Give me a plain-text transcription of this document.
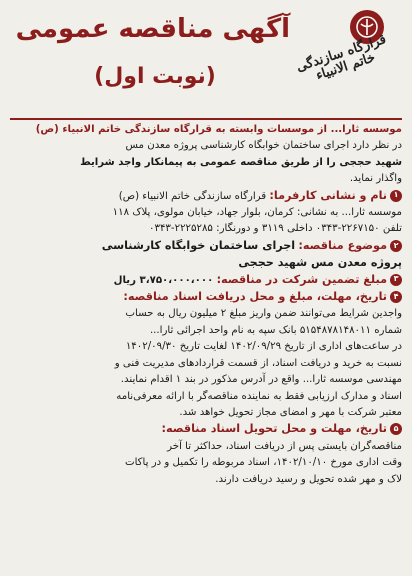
قرارگاه سازندگی خاتم الانبیاء
آگهی مناقصه عمومی
(نوبت اول)
موسسه ثارا... از موسسات وابسته به قرارگاه سازندگی خاتم الانبیاء (ص)
در نظر دارد اجرای ساختمان خوابگاه کارشناسی پروژه معدن مس
شهید حججی را از طریق مناقصه عمومی به پیمانکار واجد شرایط
واگذار نماید.
۱نام و نشانی کارفرما: قرارگاه سازندگی خاتم الانبیاء (ص)
موسسه ثارا... به نشانی: کرمان، بلوار جهاد، خیابان مولوی، پلاک ۱۱۸
تلفن ۲۲۶۷۱۵۰-۰۳۴۳ داخلی ۳۱۱۹ و دورنگار: ۲۲۲۵۲۸۵-۰۳۴۳
۲موضوع مناقصه: اجرای ساختمان خوابگاه کارشناسی
پروژه معدن مس شهید حججی
۳مبلغ تضمین شرکت در مناقصه: ۳،۷۵۰،۰۰۰،۰۰۰ ریال
۴تاریخ، مهلت، مبلغ و محل دریافت اسناد مناقصه:
واجدین شرایط می‌توانند ضمن واریز مبلغ ۲ میلیون ریال به حساب
شماره ۵۱۵۴۸۷۸۱۴۸۰۱۱ بانک سپه به نام واحد اجرائی ثارا...
در ساعت‌های اداری از تاریخ ۱۴۰۲/۰۹/۲۹ لغایت تاریخ ۱۴۰۲/۰۹/۳۰
نسبت به خرید و دریافت اسناد، از قسمت قراردادهای مدیریت فنی و
مهندسی موسسه ثارا... واقع در آدرس مذکور در بند ۱ اقدام نمایند.
اسناد و مدارک ارزیابی فقط به نماینده مناقصه‌گر با ارائه معرفی‌نامه
معتبر شرکت با مهر و امضای مجاز تحویل خواهد شد.
۵تاریخ، مهلت و محل تحویل اسناد مناقصه:
مناقصه‌گران بایستی پس از دریافت اسناد، حداکثر تا آخر
وقت اداری مورخ ۱۴۰۲/۱۰/۱۰، اسناد مربوطه را تکمیل و در پاکات
لاک و مهر شده تحویل و رسید دریافت دارند.
